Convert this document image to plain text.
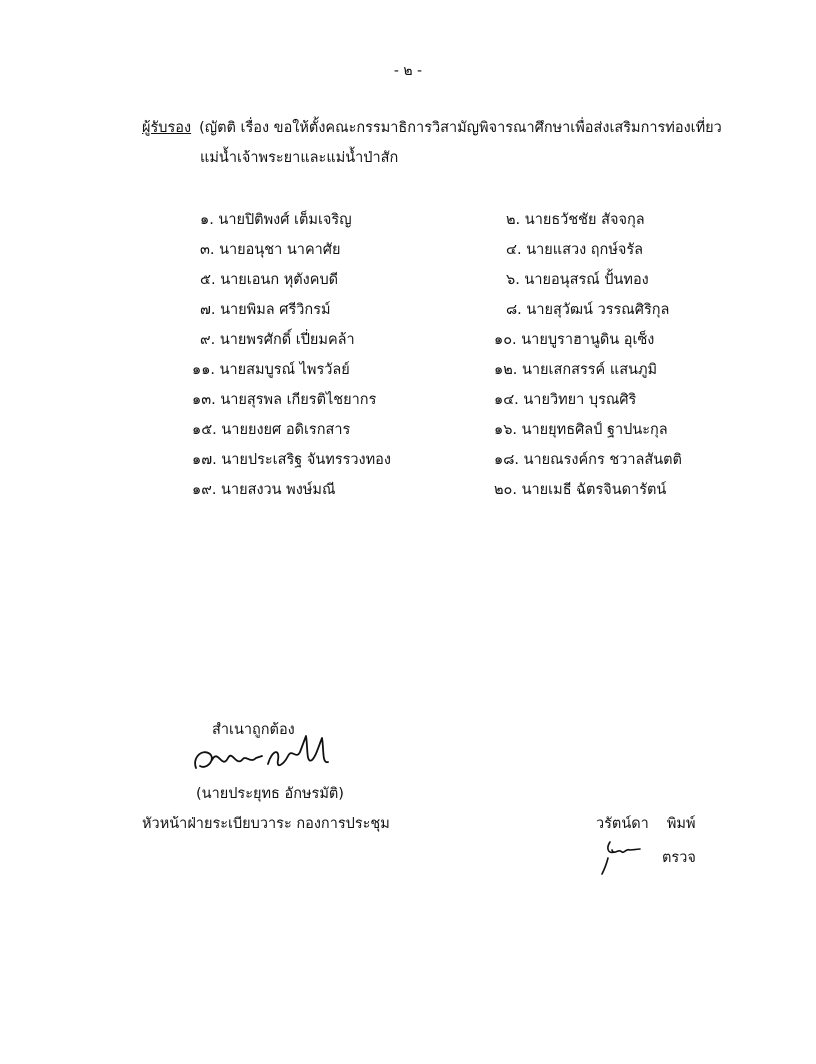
- ๒ -
ผู้รับรอง (ญัตติ เรื่อง ขอให้ตั้งคณะกรรมาธิการวิสามัญพิจารณาศึกษาเพื่อส่งเสริมการท่องเที่ยว
แม่น้ำเจ้าพระยาและแม่น้ำป่าสัก
๑. นายปิติพงศ์ เต็มเจริญ	๒. นายธวัชชัย สัจจกุล
๓. นายอนุชา นาคาศัย	๔. นายแสวง ฤกษ์จรัล
๕. นายเอนก หุตังคบดี	๖. นายอนุสรณ์ ปั้นทอง
๗. นายพิมล ศรีวิกรม์	๘. นายสุวัฒน์ วรรณศิริกุล
๙. นายพรศักดิ์ เปี่ยมคล้า	๑๐. นายบูราฮานูดิน อุเซ็ง
๑๑. นายสมบูรณ์ ไพรวัลย์	๑๒. นายเสกสรรค์ แสนภูมิ
๑๓. นายสุรพล เกียรติไชยากร	๑๔. นายวิทยา บุรณศิริ
๑๕. นายยงยศ อดิเรกสาร	๑๖. นายยุทธศิลป์ ฐาปนะกุล
๑๗. นายประเสริฐ จันทรรวงทอง	๑๘. นายณรงค์กร ชวาลสันตติ
๑๙. นายสงวน พงษ์มณี	๒๐. นายเมธี ฉัตรจินดารัตน์
สำเนาถูกต้อง
(นายประยุทธ อักษรมัติ)
หัวหน้าฝ่ายระเบียบวาระ กองการประชุม	วรัตน์ดา พิมพ์
ตรวจ
